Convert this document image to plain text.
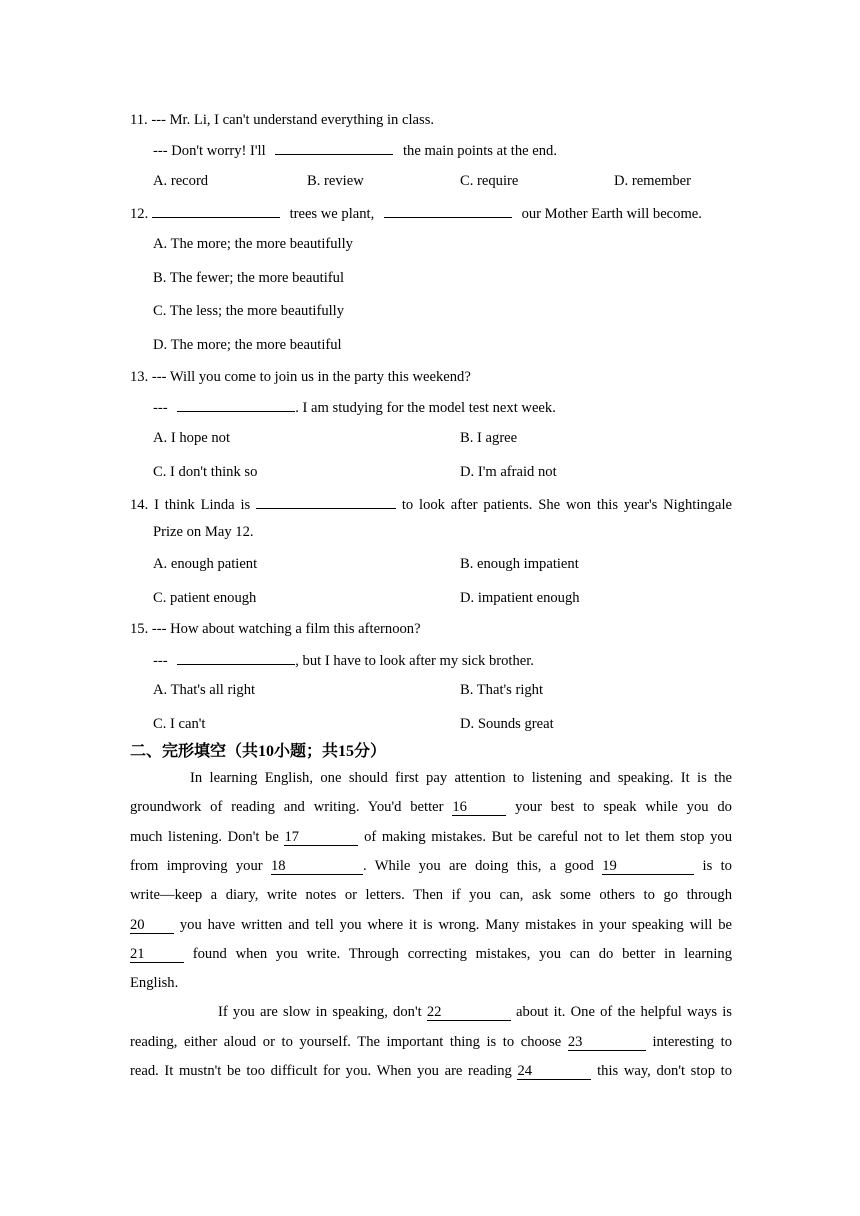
11. --- Mr. Li, I can't understand everything in class.
--- Don't worry! I'll	the main points at the end.
A. record	B. review	C. require	D. remember
12.	trees we plant,	our Mother Earth will become.
A. The more; the more beautifully
B. The fewer; the more beautiful
C. The less; the more beautifully
D. The more; the more beautiful
13. --- Will you come to join us in the party this weekend?
---	. I am studying for the model test next week.
A. I hope not	B. I agree
C. I don't think so	D. I'm afraid not
14. I think Linda is	to look after patients. She won this year's Nightingale
Prize on May 12.
A. enough patient	B. enough impatient
C. patient enough	D. impatient enough
15. --- How about watching a film this afternoon?
---	, but I have to look after my sick brother.
A. That's all right	B. That's right
C. I can't	D. Sounds great
二、完形填空（共10小题；共15分）
In learning English, one should first pay attention to listening and speaking. It is the
groundwork of reading and writing. You'd better 16	your best to speak while you do
much listening. Don't be 17	of making mistakes. But be careful not to let them stop you
from improving your 18	. While you are doing this, a good 19	is to
write—keep a diary, write notes or letters. Then if you can, ask some others to go through
20 you have written and tell you where it is wrong. Many mistakes in your speaking will be
21	found when you write. Through correcting mistakes, you can do better in learning
English.
If you are slow in speaking, don't 22	about it. One of the helpful ways is
reading, either aloud or to yourself. The important thing is to choose 23	interesting to
read. It mustn't be too difficult for you. When you are reading 24	this way, don't stop to
